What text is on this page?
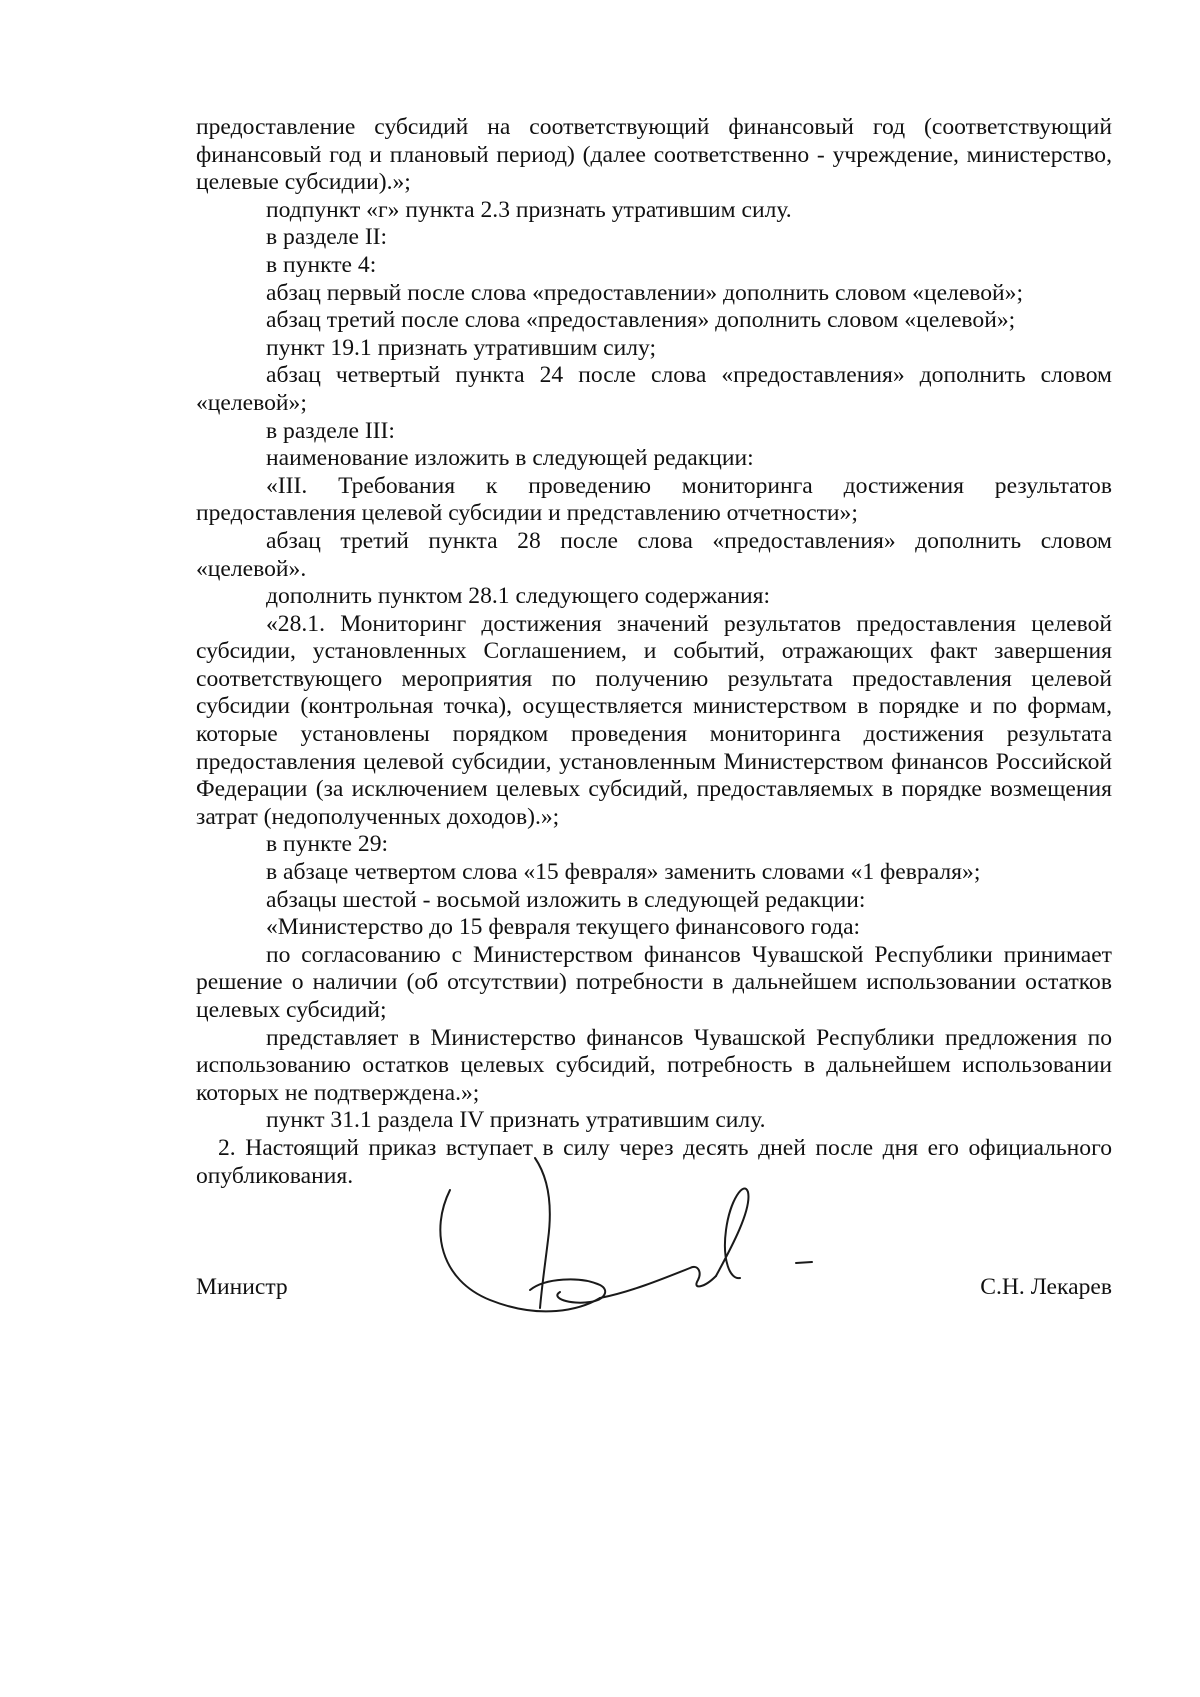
предоставление субсидий на соответствующий финансовый год (соответствующий финансовый год и плановый период) (далее соответственно - учреждение, министерство, целевые субсидии).»;

подпункт «г» пункта 2.3 признать утратившим силу.

в разделе II:

в пункте 4:

абзац первый после слова «предоставлении» дополнить словом «целевой»;

абзац третий после слова «предоставления» дополнить словом «целевой»;

пункт 19.1 признать утратившим силу;

абзац четвертый пункта 24 после слова «предоставления» дополнить словом «целевой»;

в разделе III:

наименование изложить в следующей редакции:

«III. Требования к проведению мониторинга достижения результатов предоставления целевой субсидии и представлению отчетности»;

абзац третий пункта 28 после слова «предоставления» дополнить словом «целевой».

дополнить пунктом 28.1 следующего содержания:

«28.1. Мониторинг достижения значений результатов предоставления целевой субсидии, установленных Соглашением, и событий, отражающих факт завершения соответствующего мероприятия по получению результата предоставления целевой субсидии (контрольная точка), осуществляется министерством в порядке и по формам, которые установлены порядком проведения мониторинга достижения результата предоставления целевой субсидии, установленным Министерством финансов Российской Федерации (за исключением целевых субсидий, предоставляемых в порядке возмещения затрат (недополученных доходов).»;

в пункте 29:

в абзаце четвертом слова «15 февраля» заменить словами «1 февраля»;

абзацы шестой - восьмой изложить в следующей редакции:

«Министерство до 15 февраля текущего финансового года:

по согласованию с Министерством финансов Чувашской Республики принимает решение о наличии (об отсутствии) потребности в дальнейшем использовании остатков целевых субсидий;

представляет в Министерство финансов Чувашской Республики предложения по использованию остатков целевых субсидий, потребность в дальнейшем использовании которых не подтверждена.»;

пункт 31.1 раздела IV признать утратившим силу.

2. Настоящий приказ вступает в силу через десять дней после дня его официального опубликования.

Министр	С.Н. Лекарев
